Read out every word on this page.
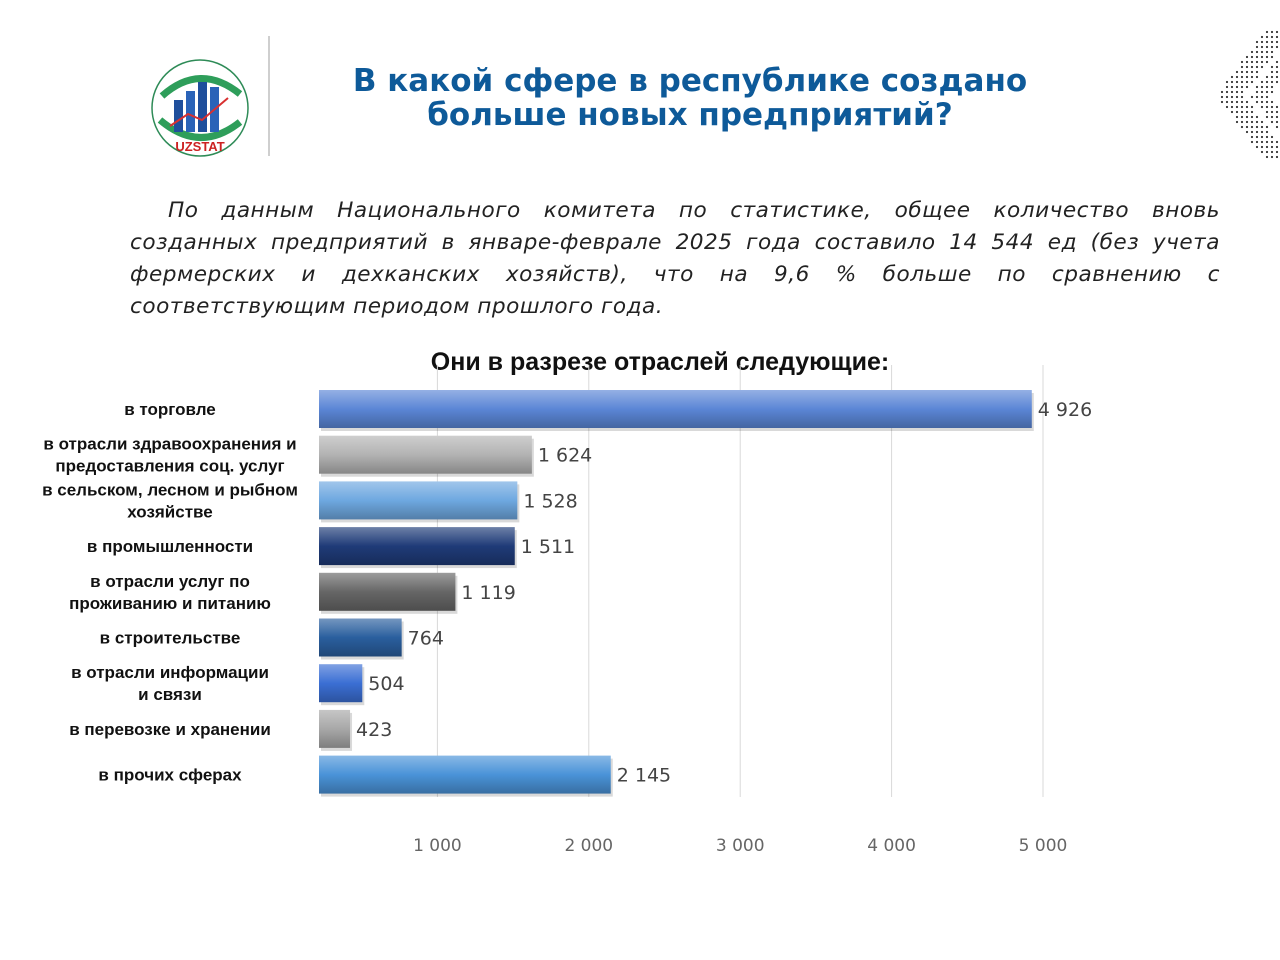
UZSTAT
В какой сфере в республике создано больше новых предприятий?

По данным Национального комитета по статистике, общее количество вновь созданных предприятий в январе-феврале 2025 года составило 14 544 ед (без учета фермерских и дехканских хозяйств), что на 9,6 % больше по сравнению с соответствующим периодом прошлого года.

Они в разрезе отраслей следующие:
1 000	2 000	3 000	4 000	5 000
4 926
в торговле
1 624
в отрасли здравоохранения и предоставления соц. услуг
1 528
в сельском, лесном и рыбном хозяйстве
1 511
в промышленности
1 119
в отрасли услуг по проживанию и питанию
764
в строительстве
504
в отрасли информации и связи
423
в перевозке и хранении
2 145
в прочих сферах
